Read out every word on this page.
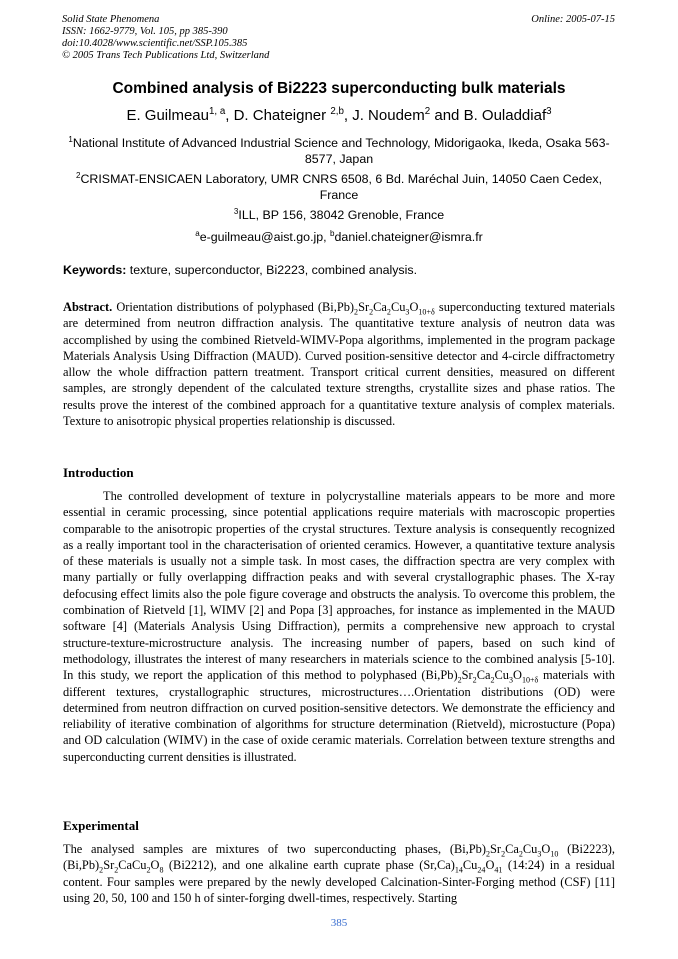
Solid State Phenomena
ISSN: 1662-9779, Vol. 105, pp 385-390
doi:10.4028/www.scientific.net/SSP.105.385
© 2005 Trans Tech Publications Ltd, Switzerland
Online: 2005-07-15
Combined analysis of Bi2223 superconducting bulk materials
E. Guilmeau$^{1, a}$, D. Chateigner $^{2,b}$, J. Noudem$^2$ and B. Ouladdiaf$^3$
$^1$National Institute of Advanced Industrial Science and Technology, Midorigaoka, Ikeda, Osaka 563-8577, Japan
$^2$CRISMAT-ENSICAEN Laboratory, UMR CNRS 6508, 6 Bd. Maréchal Juin, 14050 Caen Cedex, France
$^3$ILL, BP 156, 38042 Grenoble, France
$^a$e-guilmeau@aist.go.jp, $^b$daniel.chateigner@ismra.fr
Keywords: texture, superconductor, Bi2223, combined analysis.
Abstract. Orientation distributions of polyphased $(Bi,Pb)_2Sr_2Ca_2Cu_3O_{10+\delta}$ superconducting textured materials are determined from neutron diffraction analysis. The quantitative texture analysis of neutron data was accomplished by using the combined Rietveld-WIMV-Popa algorithms, implemented in the program package Materials Analysis Using Diffraction (MAUD). Curved position-sensitive detector and 4-circle diffractometry allow the whole diffraction pattern treatment. Transport critical current densities, measured on different samples, are strongly dependent of the calculated texture strengths, crystallite sizes and phase ratios. The results prove the interest of the combined approach for a quantitative texture analysis of complex materials. Texture to anisotropic physical properties relationship is discussed.
Introduction
The controlled development of texture in polycrystalline materials appears to be more and more essential in ceramic processing, since potential applications require materials with macroscopic properties comparable to the anisotropic properties of the crystal structures. Texture analysis is consequently recognized as a really important tool in the characterisation of oriented ceramics. However, a quantitative texture analysis of these materials is usually not a simple task. In most cases, the diffraction spectra are very complex with many partially or fully overlapping diffraction peaks and with several crystallographic phases. The X-ray defocusing effect limits also the pole figure coverage and obstructs the analysis. To overcome this problem, the combination of Rietveld [1], WIMV [2] and Popa [3] approaches, for instance as implemented in the MAUD software [4] (Materials Analysis Using Diffraction), permits a comprehensive new approach to crystal structure-texture-microstructure analysis. The increasing number of papers, based on such kind of methodology, illustrates the interest of many researchers in materials science to the combined analysis [5-10]. In this study, we report the application of this method to polyphased $(Bi,Pb)_2Sr_2Ca_2Cu_3O_{10+\delta}$ materials with different textures, crystallographic structures, microstructures….Orientation distributions (OD) were determined from neutron diffraction on curved position-sensitive detectors. We demonstrate the efficiency and reliability of iterative combination of algorithms for structure determination (Rietveld), microstucture (Popa) and OD calculation (WIMV) in the case of oxide ceramic materials. Correlation between texture strengths and superconducting current densities is illustrated.
Experimental
The analysed samples are mixtures of two superconducting phases, $(Bi,Pb)_2Sr_2Ca_2Cu_3O_{10}$ (Bi2223), $(Bi,Pb)_2Sr_2CaCu_2O_8$ (Bi2212), and one alkaline earth cuprate phase $(Sr,Ca)_{14}Cu_{24}O_{41}$ (14:24) in a residual content. Four samples were prepared by the newly developed Calcination-Sinter-Forging method (CSF) [11] using 20, 50, 100 and 150 h of sinter-forging dwell-times, respectively. Starting
385
